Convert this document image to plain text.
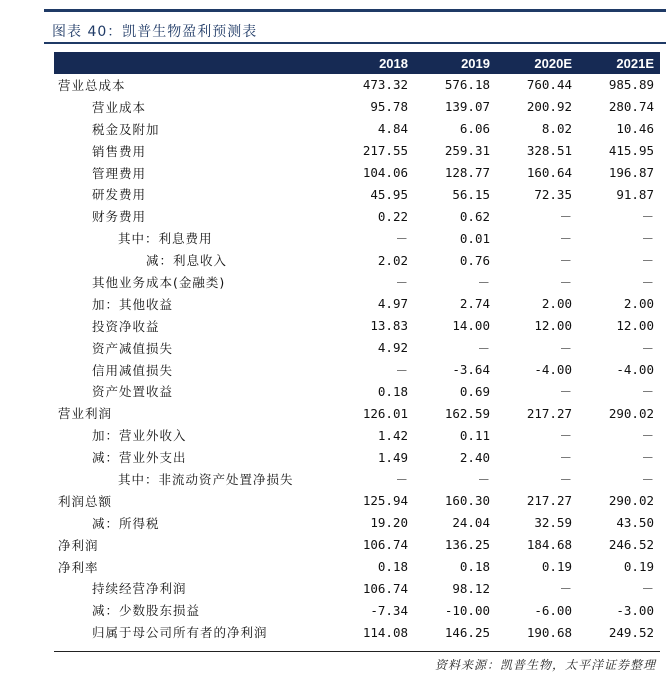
图表 40：凯普生物盈利预测表
	2018	2019	2020E	2021E
营业总成本	473.32	576.18	760.44	985.89
营业成本	95.78	139.07	200.92	280.74
税金及附加	4.84	6.06	8.02	10.46
销售费用	217.55	259.31	328.51	415.95
管理费用	104.06	128.77	160.64	196.87
研发费用	45.95	56.15	72.35	91.87
财务费用	0.22	0.62	－	－
其中：利息费用	－	0.01	－	－
减：利息收入	2.02	0.76	－	－
其他业务成本(金融类)	－	－	－	－
加：其他收益	4.97	2.74	2.00	2.00
投资净收益	13.83	14.00	12.00	12.00
资产减值损失	4.92	－	－	－
信用减值损失	－	-3.64	-4.00	-4.00
资产处置收益	0.18	0.69	－	－
营业利润	126.01	162.59	217.27	290.02
加：营业外收入	1.42	0.11	－	－
减：营业外支出	1.49	2.40	－	－
其中：非流动资产处置净损失	－	－	－	－
利润总额	125.94	160.30	217.27	290.02
减：所得税	19.20	24.04	32.59	43.50
净利润	106.74	136.25	184.68	246.52
净利率	0.18	0.18	0.19	0.19
持续经营净利润	106.74	98.12	－	－
减：少数股东损益	-7.34	-10.00	-6.00	-3.00
归属于母公司所有者的净利润	114.08	146.25	190.68	249.52
资料来源：凯普生物，太平洋证券整理
